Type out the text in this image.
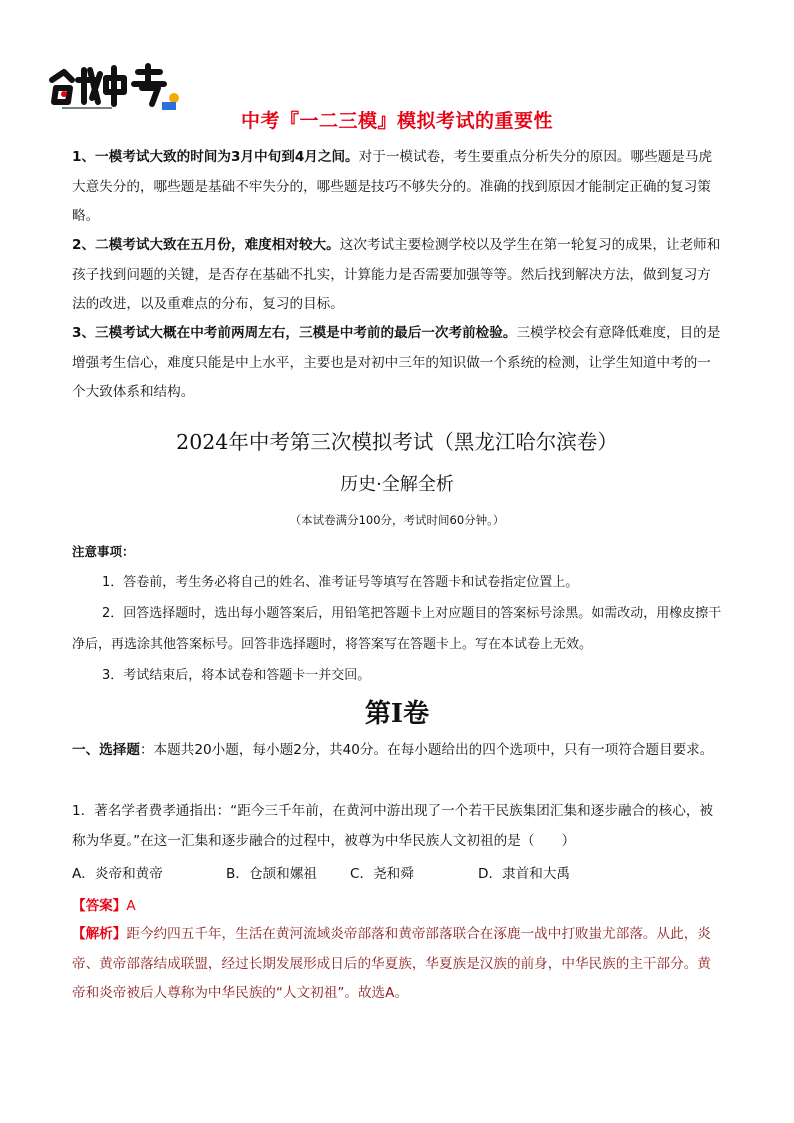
中考『一二三模』模拟考试的重要性
1、一模考试大致的时间为3月中旬到4月之间。对于一模试卷，考生要重点分析失分的原因。哪些题是马虎大意失分的，哪些题是基础不牢失分的，哪些题是技巧不够失分的。准确的找到原因才能制定正确的复习策略。
2、二模考试大致在五月份，难度相对较大。这次考试主要检测学校以及学生在第一轮复习的成果，让老师和孩子找到问题的关键，是否存在基础不扎实，计算能力是否需要加强等等。然后找到解决方法，做到复习方法的改进，以及重难点的分布，复习的目标。
3、三模考试大概在中考前两周左右，三模是中考前的最后一次考前检验。三模学校会有意降低难度，目的是增强考生信心，难度只能是中上水平，主要也是对初中三年的知识做一个系统的检测，让学生知道中考的一个大致体系和结构。
2024年中考第三次模拟考试（黑龙江哈尔滨卷）
历史·全解全析
（本试卷满分100分，考试时间60分钟。）
注意事项：
1．答卷前，考生务必将自己的姓名、准考证号等填写在答题卡和试卷指定位置上。
2．回答选择题时，选出每小题答案后，用铅笔把答题卡上对应题目的答案标号涂黑。如需改动，用橡皮擦干净后，再选涂其他答案标号。回答非选择题时，将答案写在答题卡上。写在本试卷上无效。
3．考试结束后，将本试卷和答题卡一并交回。
第I卷
一、选择题：本题共20小题，每小题2分，共40分。在每小题给出的四个选项中，只有一项符合题目要求。
1．著名学者费孝通指出：“距今三千年前，在黄河中游出现了一个若干民族集团汇集和逐步融合的核心，被称为华夏。”在这一汇集和逐步融合的过程中，被尊为中华民族人文初祖的是（　　）
A．炎帝和黄帝	B．仓颉和嫘祖 C．尧和舜	D．隶首和大禹
【答案】A
【解析】距今约四五千年，生活在黄河流域炎帝部落和黄帝部落联合在涿鹿一战中打败蚩尤部落。从此，炎帝、黄帝部落结成联盟，经过长期发展形成日后的华夏族，华夏族是汉族的前身，中华民族的主干部分。黄帝和炎帝被后人尊称为中华民族的“人文初祖”。故选A。
